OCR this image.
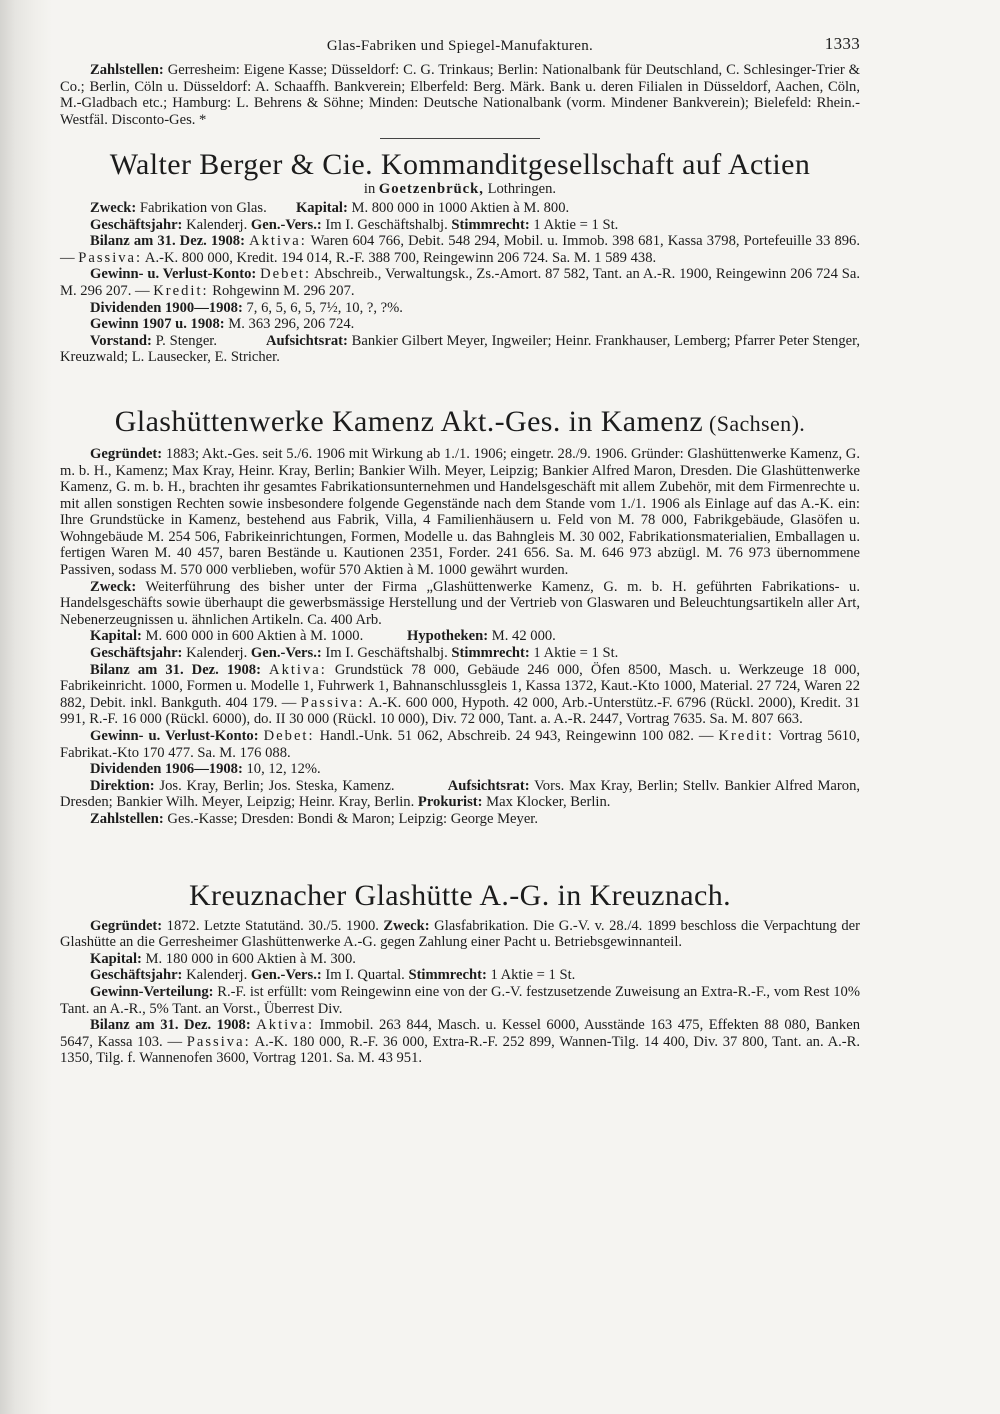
Glas-Fabriken und Spiegel-Manufakturen.	1333

Zahlstellen: Gerresheim: Eigene Kasse; Düsseldorf: C. G. Trinkaus; Berlin: Nationalbank für Deutschland, C. Schlesinger-Trier & Co.; Berlin, Cöln u. Düsseldorf: A. Schaaffh. Bankverein; Elberfeld: Berg. Märk. Bank u. deren Filialen in Düsseldorf, Aachen, Cöln, M.-Gladbach etc.; Hamburg: L. Behrens & Söhne; Minden: Deutsche Nationalbank (vorm. Mindener Bankverein); Bielefeld: Rhein.-Westfäl. Disconto-Ges. *

Walter Berger & Cie. Kommanditgesellschaft auf Actien
in Goetzenbrück, Lothringen.

Zweck: Fabrikation von Glas. Kapital: M. 800 000 in 1000 Aktien à M. 800.

Geschäftsjahr: Kalenderj. Gen.-Vers.: Im I. Geschäftshalbj. Stimmrecht: 1 Aktie = 1 St.

Bilanz am 31. Dez. 1908: Aktiva: Waren 604 766, Debit. 548 294, Mobil. u. Immob. 398 681, Kassa 3798, Portefeuille 33 896. — Passiva: A.-K. 800 000, Kredit. 194 014, R.-F. 388 700, Reingewinn 206 724. Sa. M. 1 589 438.

Gewinn- u. Verlust-Konto: Debet: Abschreib., Verwaltungsk., Zs.-Amort. 87 582, Tant. an A.-R. 1900, Reingewinn 206 724 Sa. M. 296 207. — Kredit: Rohgewinn M. 296 207.

Dividenden 1900—1908: 7, 6, 5, 6, 5, 7½, 10, ?, ?%.

Gewinn 1907 u. 1908: M. 363 296, 206 724.

Vorstand: P. Stenger.	Aufsichtsrat: Bankier Gilbert Meyer, Ingweiler; Heinr. Frankhauser, Lemberg; Pfarrer Peter Stenger, Kreuzwald; L. Lausecker, E. Stricher.

Glashüttenwerke Kamenz Akt.-Ges. in Kamenz (Sachsen).

Gegründet: 1883; Akt.-Ges. seit 5./6. 1906 mit Wirkung ab 1./1. 1906; eingetr. 28./9. 1906. Gründer: Glashüttenwerke Kamenz, G. m. b. H., Kamenz; Max Kray, Heinr. Kray, Berlin; Bankier Wilh. Meyer, Leipzig; Bankier Alfred Maron, Dresden. Die Glashüttenwerke Kamenz, G. m. b. H., brachten ihr gesamtes Fabrikationsunternehmen und Handelsgeschäft mit allem Zubehör, mit dem Firmenrechte u. mit allen sonstigen Rechten sowie insbesondere folgende Gegenstände nach dem Stande vom 1./1. 1906 als Einlage auf das A.-K. ein: Ihre Grundstücke in Kamenz, bestehend aus Fabrik, Villa, 4 Familienhäusern u. Feld von M. 78 000, Fabrikgebäude, Glasöfen u. Wohngebäude M. 254 506, Fabrikeinrichtungen, Formen, Modelle u. das Bahngleis M. 30 002, Fabrikationsmaterialien, Emballagen u. fertigen Waren M. 40 457, baren Bestände u. Kautionen 2351, Forder. 241 656. Sa. M. 646 973 abzügl. M. 76 973 übernommene Passiven, sodass M. 570 000 verblieben, wofür 570 Aktien à M. 1000 gewährt wurden.

Zweck: Weiterführung des bisher unter der Firma „Glashüttenwerke Kamenz, G. m. b. H. geführten Fabrikations- u. Handelsgeschäfts sowie überhaupt die gewerbsmässige Herstellung und der Vertrieb von Glaswaren und Beleuchtungsartikeln aller Art, Nebenerzeugnissen u. ähnlichen Artikeln. Ca. 400 Arb.

Kapital: M. 600 000 in 600 Aktien à M. 1000.	Hypotheken: M. 42 000.

Geschäftsjahr: Kalenderj. Gen.-Vers.: Im I. Geschäftshalbj. Stimmrecht: 1 Aktie = 1 St.

Bilanz am 31. Dez. 1908: Aktiva: Grundstück 78 000, Gebäude 246 000, Öfen 8500, Masch. u. Werkzeuge 18 000, Fabrikeinricht. 1000, Formen u. Modelle 1, Fuhrwerk 1, Bahnanschlussgleis 1, Kassa 1372, Kaut.-Kto 1000, Material. 27 724, Waren 22 882, Debit. inkl. Bankguth. 404 179. — Passiva: A.-K. 600 000, Hypoth. 42 000, Arb.-Unterstütz.-F. 6796 (Rückl. 2000), Kredit. 31 991, R.-F. 16 000 (Rückl. 6000), do. II 30 000 (Rückl. 10 000), Div. 72 000, Tant. a. A.-R. 2447, Vortrag 7635. Sa. M. 807 663.

Gewinn- u. Verlust-Konto: Debet: Handl.-Unk. 51 062, Abschreib. 24 943, Reingewinn 100 082. — Kredit: Vortrag 5610, Fabrikat.-Kto 170 477. Sa. M. 176 088.

Dividenden 1906—1908: 10, 12, 12%.

Direktion: Jos. Kray, Berlin; Jos. Steska, Kamenz.	Aufsichtsrat: Vors. Max Kray, Berlin; Stellv. Bankier Alfred Maron, Dresden; Bankier Wilh. Meyer, Leipzig; Heinr. Kray, Berlin. Prokurist: Max Klocker, Berlin.

Zahlstellen: Ges.-Kasse; Dresden: Bondi & Maron; Leipzig: George Meyer.

Kreuznacher Glashütte A.-G. in Kreuznach.

Gegründet: 1872. Letzte Statutänd. 30./5. 1900. Zweck: Glasfabrikation. Die G.-V. v. 28./4. 1899 beschloss die Verpachtung der Glashütte an die Gerresheimer Glashüttenwerke A.-G. gegen Zahlung einer Pacht u. Betriebsgewinnanteil.

Kapital: M. 180 000 in 600 Aktien à M. 300.

Geschäftsjahr: Kalenderj. Gen.-Vers.: Im I. Quartal. Stimmrecht: 1 Aktie = 1 St.

Gewinn-Verteilung: R.-F. ist erfüllt: vom Reingewinn eine von der G.-V. festzusetzende Zuweisung an Extra-R.-F., vom Rest 10% Tant. an A.-R., 5% Tant. an Vorst., Überrest Div.

Bilanz am 31. Dez. 1908: Aktiva: Immobil. 263 844, Masch. u. Kessel 6000, Ausstände 163 475, Effekten 88 080, Banken 5647, Kassa 103. — Passiva: A.-K. 180 000, R.-F. 36 000, Extra-R.-F. 252 899, Wannen-Tilg. 14 400, Div. 37 800, Tant. an. A.-R. 1350, Tilg. f. Wannenofen 3600, Vortrag 1201. Sa. M. 43 951.
